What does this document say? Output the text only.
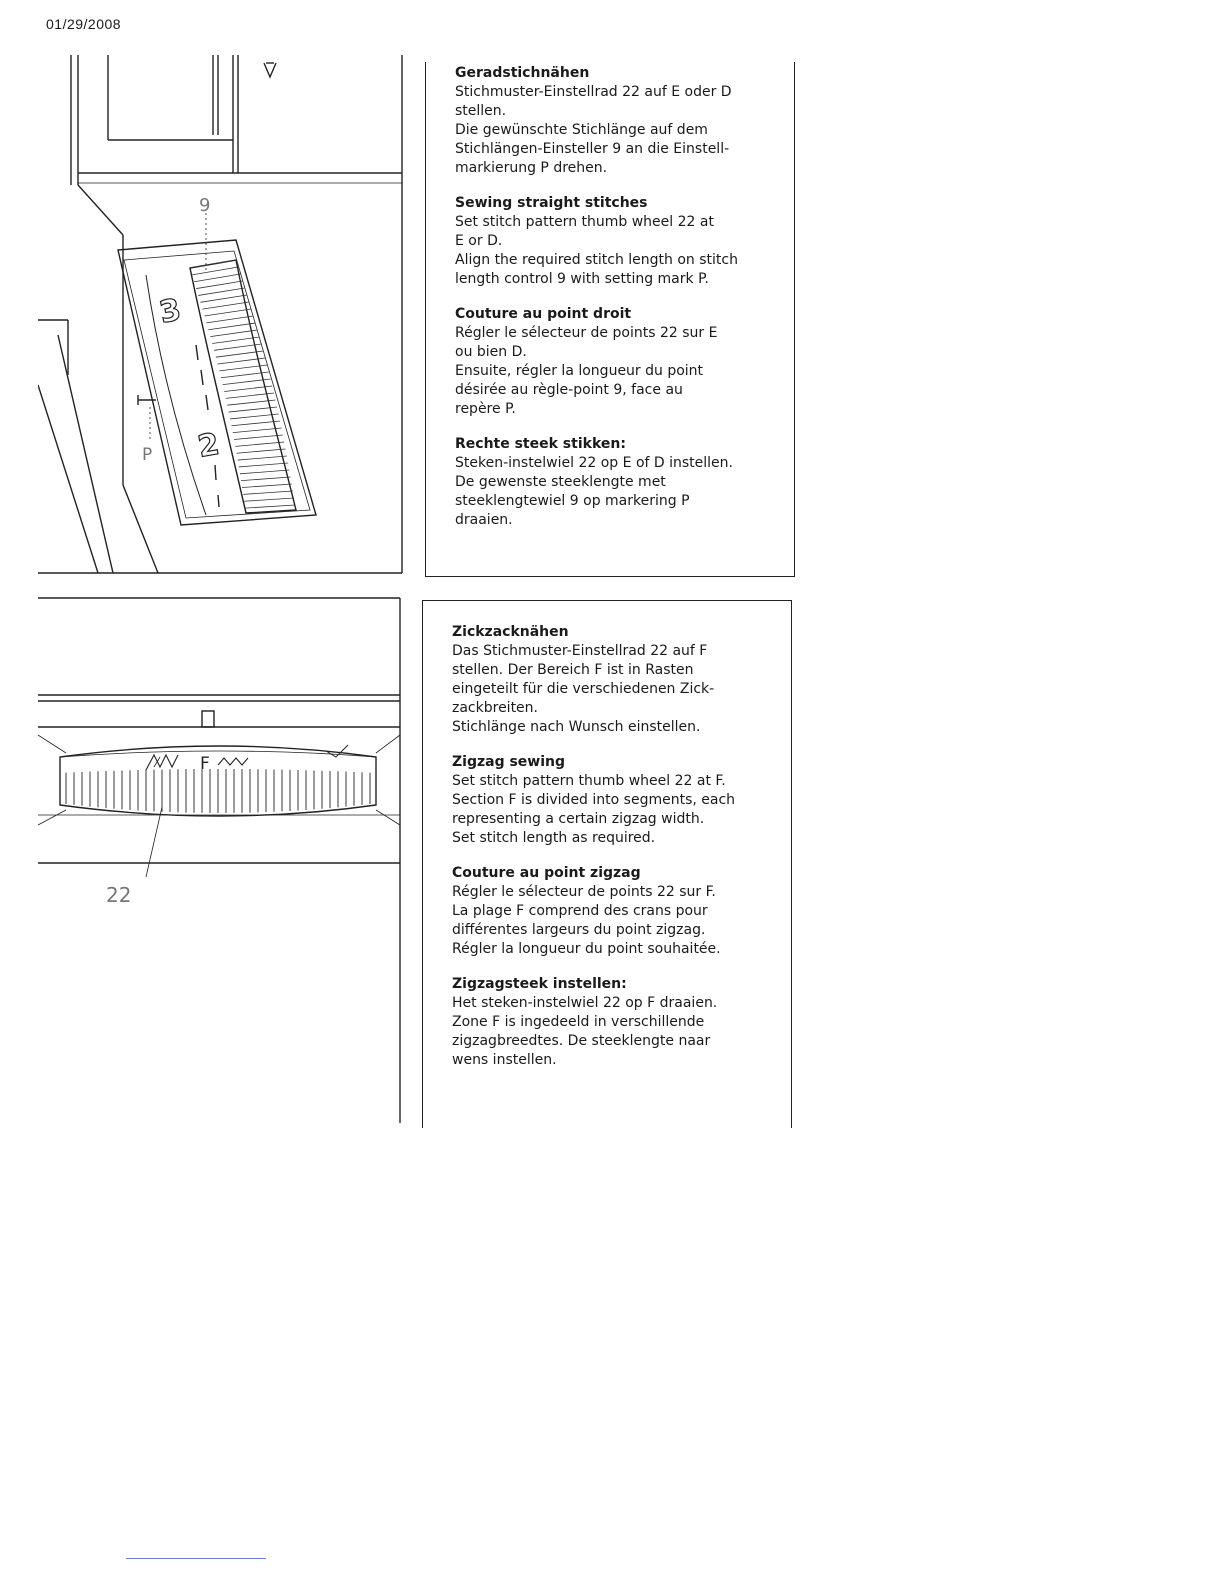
01/29/2008
3
2
9
P
F
22
Geradstichnähen

Stichmuster-Einstellrad 22 auf E oder D

stellen.

Die gewünschte Stichlänge auf dem

Stichlängen-Einsteller 9 an die Einstell-

markierung P drehen.

Sewing straight stitches

Set stitch pattern thumb wheel 22 at

E or D.

Align the required stitch length on stitch

length control 9 with setting mark P.

Couture au point droit

Régler le sélecteur de points 22 sur E

ou bien D.

Ensuite, régler la longueur du point

désirée au règle-point 9, face au

repère P.

Rechte steek stikken:

Steken-instelwiel 22 op E of D instellen.

De gewenste steeklengte met

steeklengtewiel 9 op markering P

draaien.

Zickzacknähen

Das Stichmuster-Einstellrad 22 auf F

stellen. Der Bereich F ist in Rasten

eingeteilt für die verschiedenen Zick-

zackbreiten.

Stichlänge nach Wunsch einstellen.

Zigzag sewing

Set stitch pattern thumb wheel 22 at F.

Section F is divided into segments, each

representing a certain zigzag width.

Set stitch length as required.

Couture au point zigzag

Régler le sélecteur de points 22 sur F.

La plage F comprend des crans pour

différentes largeurs du point zigzag.

Régler la longueur du point souhaitée.

Zigzagsteek instellen:

Het steken-instelwiel 22 op F draaien.

Zone F is ingedeeld in verschillende

zigzagbreedtes. De steeklengte naar

wens instellen.
